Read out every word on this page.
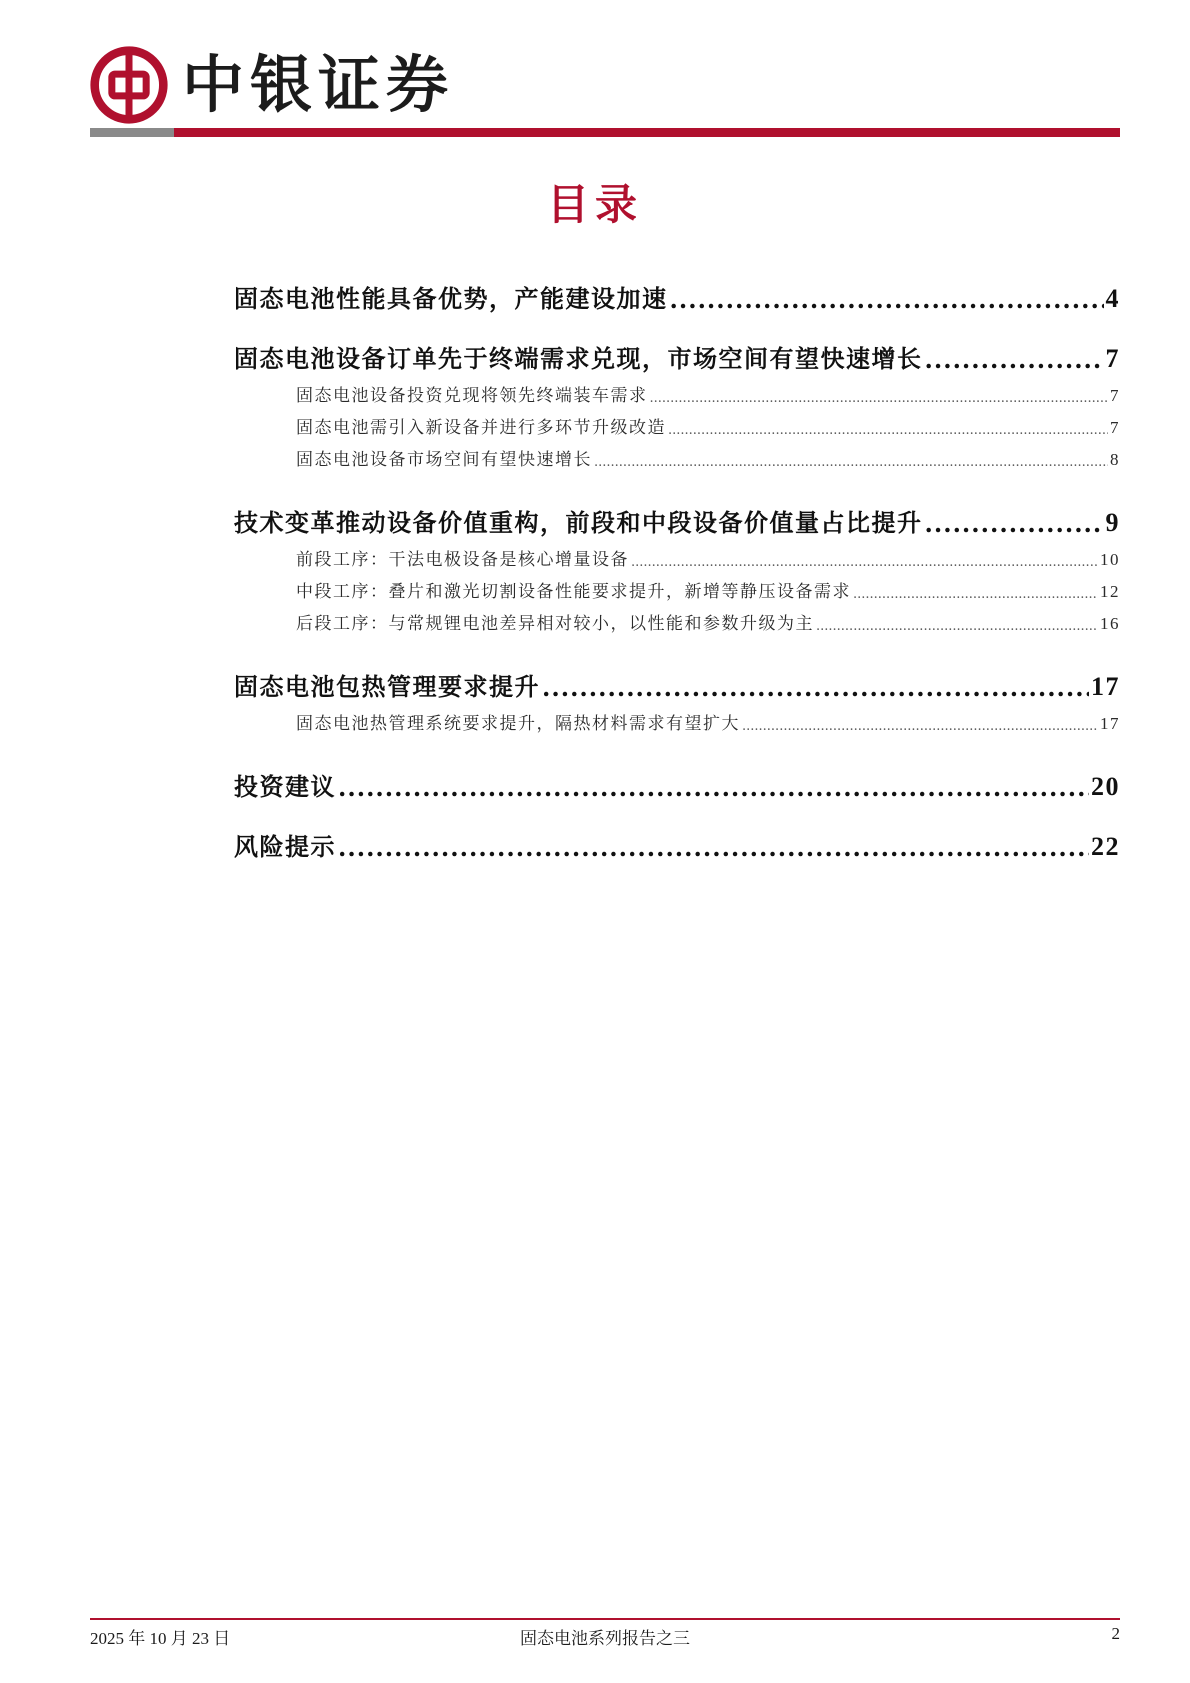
中银证券
目录
固态电池性能具备优势，产能建设加速 .....	4
固态电池设备订单先于终端需求兑现，市场空间有望快速增长 .....	7
固态电池设备投资兑现将领先终端装车需求 .....	7
固态电池需引入新设备并进行多环节升级改造 .....	7
固态电池设备市场空间有望快速增长 .....	8
技术变革推动设备价值重构，前段和中段设备价值量占比提升 .....	9
前段工序：干法电极设备是核心增量设备 .....	10
中段工序：叠片和激光切割设备性能要求提升，新增等静压设备需求 .....	12
后段工序：与常规锂电池差异相对较小，以性能和参数升级为主 .....	16
固态电池包热管理要求提升 .....	17
固态电池热管理系统要求提升，隔热材料需求有望扩大 .....	17
投资建议 .....	20
风险提示 .....	22
2025 年 10 月 23 日	固态电池系列报告之三	2
